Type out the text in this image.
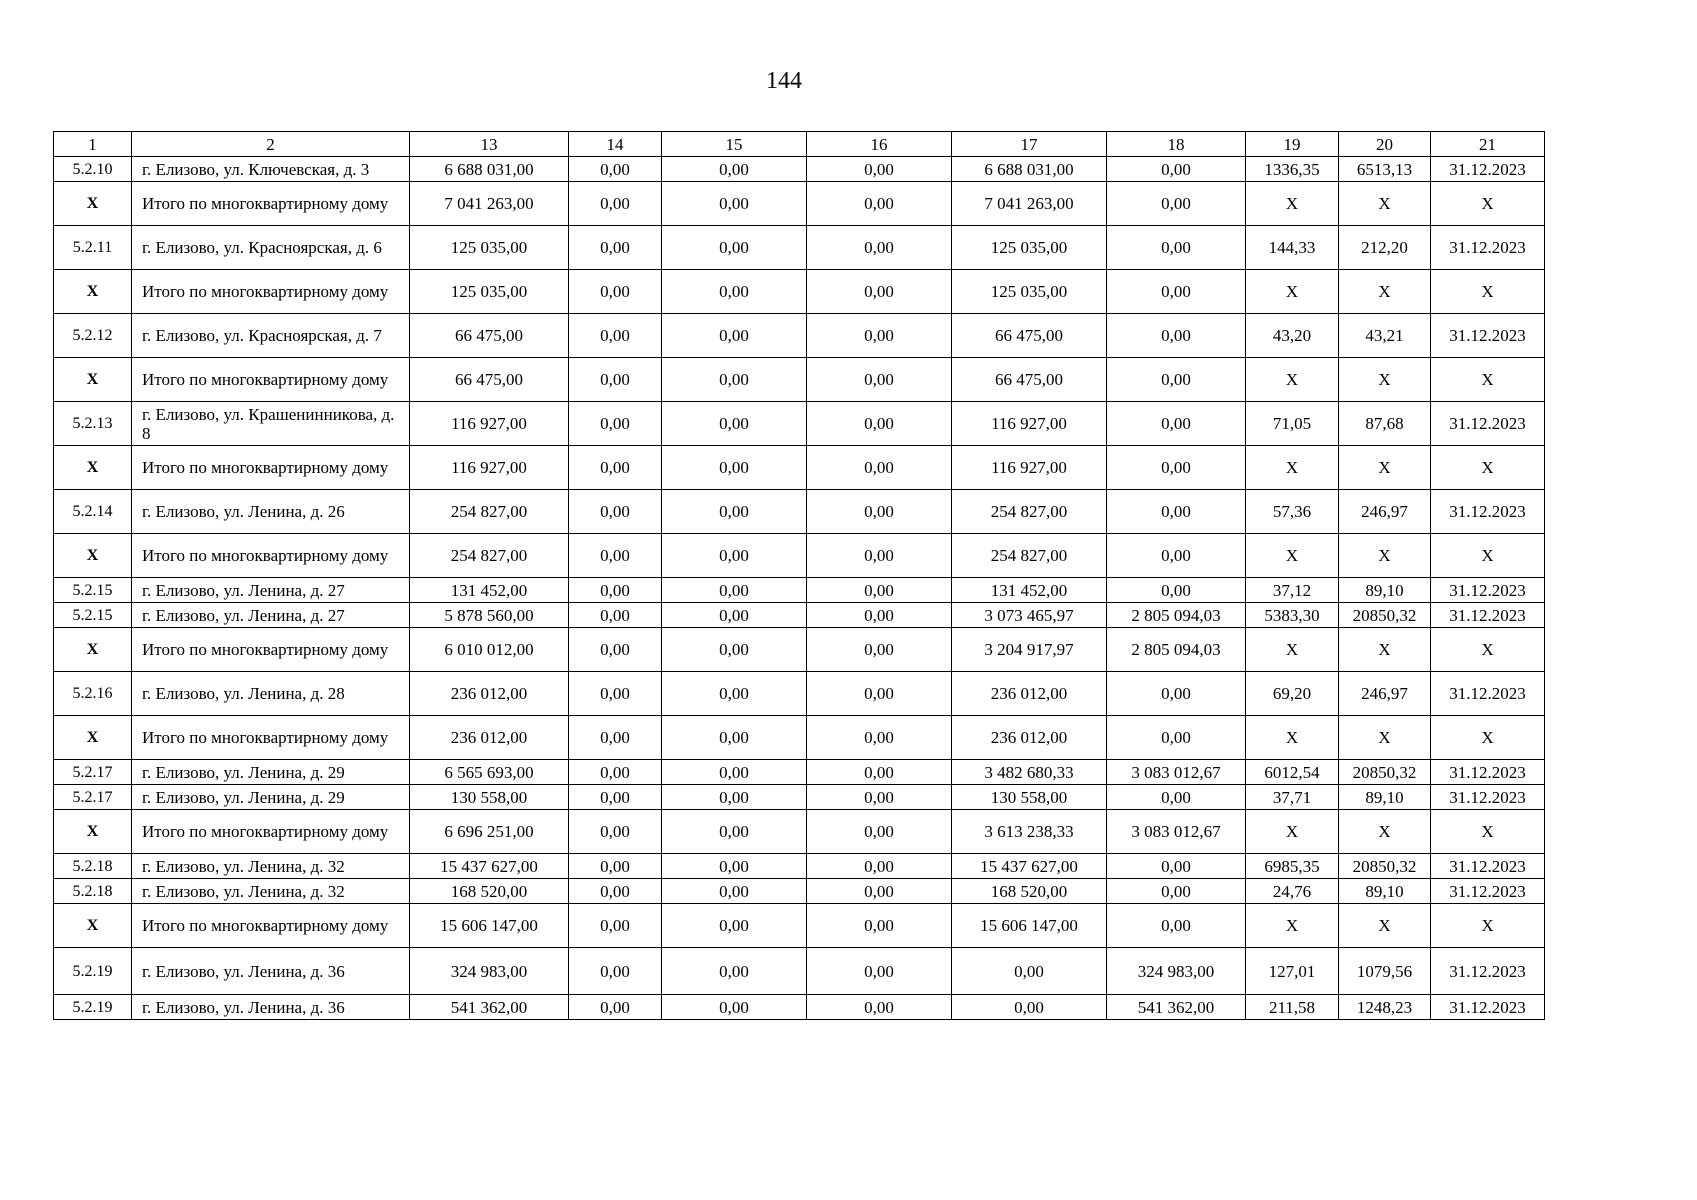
144
1	2	13	14	15	16	17	18	19	20	21
5.2.10	г. Елизово, ул. Ключевская, д. 3	6 688 031,00	0,00	0,00	0,00	6 688 031,00	0,00	1336,35	6513,13	31.12.2023
X	Итого по многоквартирному дому	7 041 263,00	0,00	0,00	0,00	7 041 263,00	0,00	X	X	X
5.2.11	г. Елизово, ул. Красноярская, д. 6	125 035,00	0,00	0,00	0,00	125 035,00	0,00	144,33	212,20	31.12.2023
X	Итого по многоквартирному дому	125 035,00	0,00	0,00	0,00	125 035,00	0,00	X	X	X
5.2.12	г. Елизово, ул. Красноярская, д. 7	66 475,00	0,00	0,00	0,00	66 475,00	0,00	43,20	43,21	31.12.2023
X	Итого по многоквартирному дому	66 475,00	0,00	0,00	0,00	66 475,00	0,00	X	X	X
5.2.13	г. Елизово, ул. Крашенинникова, д. 8	116 927,00	0,00	0,00	0,00	116 927,00	0,00	71,05	87,68	31.12.2023
X	Итого по многоквартирному дому	116 927,00	0,00	0,00	0,00	116 927,00	0,00	X	X	X
5.2.14	г. Елизово, ул. Ленина, д. 26	254 827,00	0,00	0,00	0,00	254 827,00	0,00	57,36	246,97	31.12.2023
X	Итого по многоквартирному дому	254 827,00	0,00	0,00	0,00	254 827,00	0,00	X	X	X
5.2.15	г. Елизово, ул. Ленина, д. 27	131 452,00	0,00	0,00	0,00	131 452,00	0,00	37,12	89,10	31.12.2023
5.2.15	г. Елизово, ул. Ленина, д. 27	5 878 560,00	0,00	0,00	0,00	3 073 465,97	2 805 094,03	5383,30	20850,32	31.12.2023
X	Итого по многоквартирному дому	6 010 012,00	0,00	0,00	0,00	3 204 917,97	2 805 094,03	X	X	X
5.2.16	г. Елизово, ул. Ленина, д. 28	236 012,00	0,00	0,00	0,00	236 012,00	0,00	69,20	246,97	31.12.2023
X	Итого по многоквартирному дому	236 012,00	0,00	0,00	0,00	236 012,00	0,00	X	X	X
5.2.17	г. Елизово, ул. Ленина, д. 29	6 565 693,00	0,00	0,00	0,00	3 482 680,33	3 083 012,67	6012,54	20850,32	31.12.2023
5.2.17	г. Елизово, ул. Ленина, д. 29	130 558,00	0,00	0,00	0,00	130 558,00	0,00	37,71	89,10	31.12.2023
X	Итого по многоквартирному дому	6 696 251,00	0,00	0,00	0,00	3 613 238,33	3 083 012,67	X	X	X
5.2.18	г. Елизово, ул. Ленина, д. 32	15 437 627,00	0,00	0,00	0,00	15 437 627,00	0,00	6985,35	20850,32	31.12.2023
5.2.18	г. Елизово, ул. Ленина, д. 32	168 520,00	0,00	0,00	0,00	168 520,00	0,00	24,76	89,10	31.12.2023
X	Итого по многоквартирному дому	15 606 147,00	0,00	0,00	0,00	15 606 147,00	0,00	X	X	X
5.2.19	г. Елизово, ул. Ленина, д. 36	324 983,00	0,00	0,00	0,00	0,00	324 983,00	127,01	1079,56	31.12.2023
5.2.19	г. Елизово, ул. Ленина, д. 36	541 362,00	0,00	0,00	0,00	0,00	541 362,00	211,58	1248,23	31.12.2023
